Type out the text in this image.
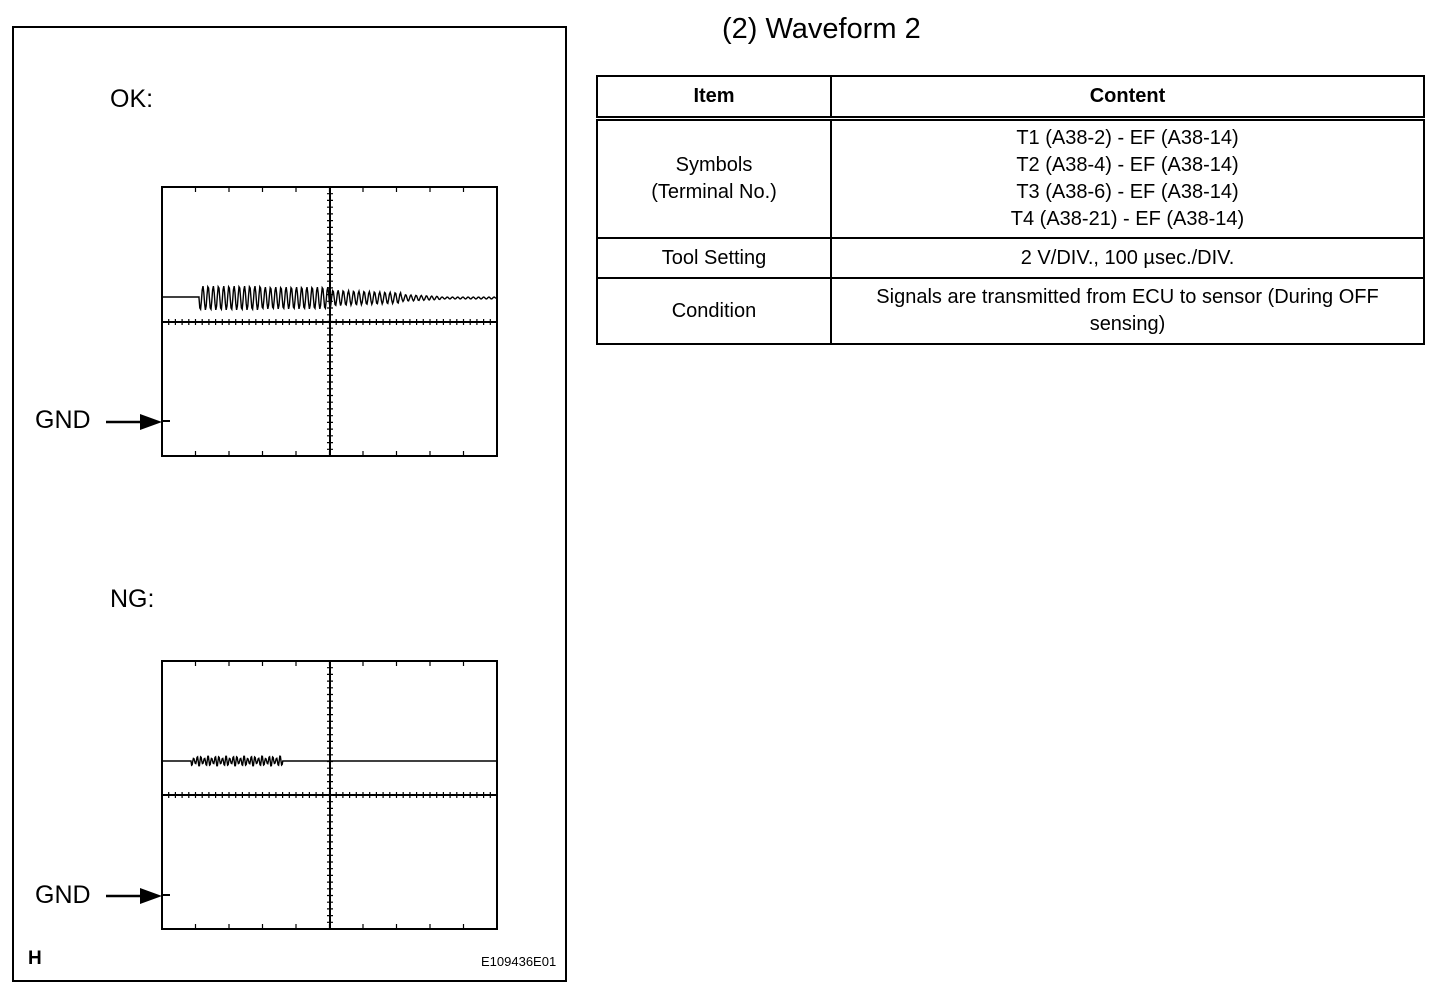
OK:
NG:
GND
GND
H	E109436E01
(2) Waveform 2
Item	Content

Symbols
(Terminal No.)	T1 (A38-2) - EF (A38-14)
T2 (A38-4) - EF (A38-14)
T3 (A38-6) - EF (A38-14)
T4 (A38-21) - EF (A38-14)

Tool Setting	2 V/DIV., 100 µsec./DIV.

Condition	Signals are transmitted from ECU to sensor (During OFF
sensing)
